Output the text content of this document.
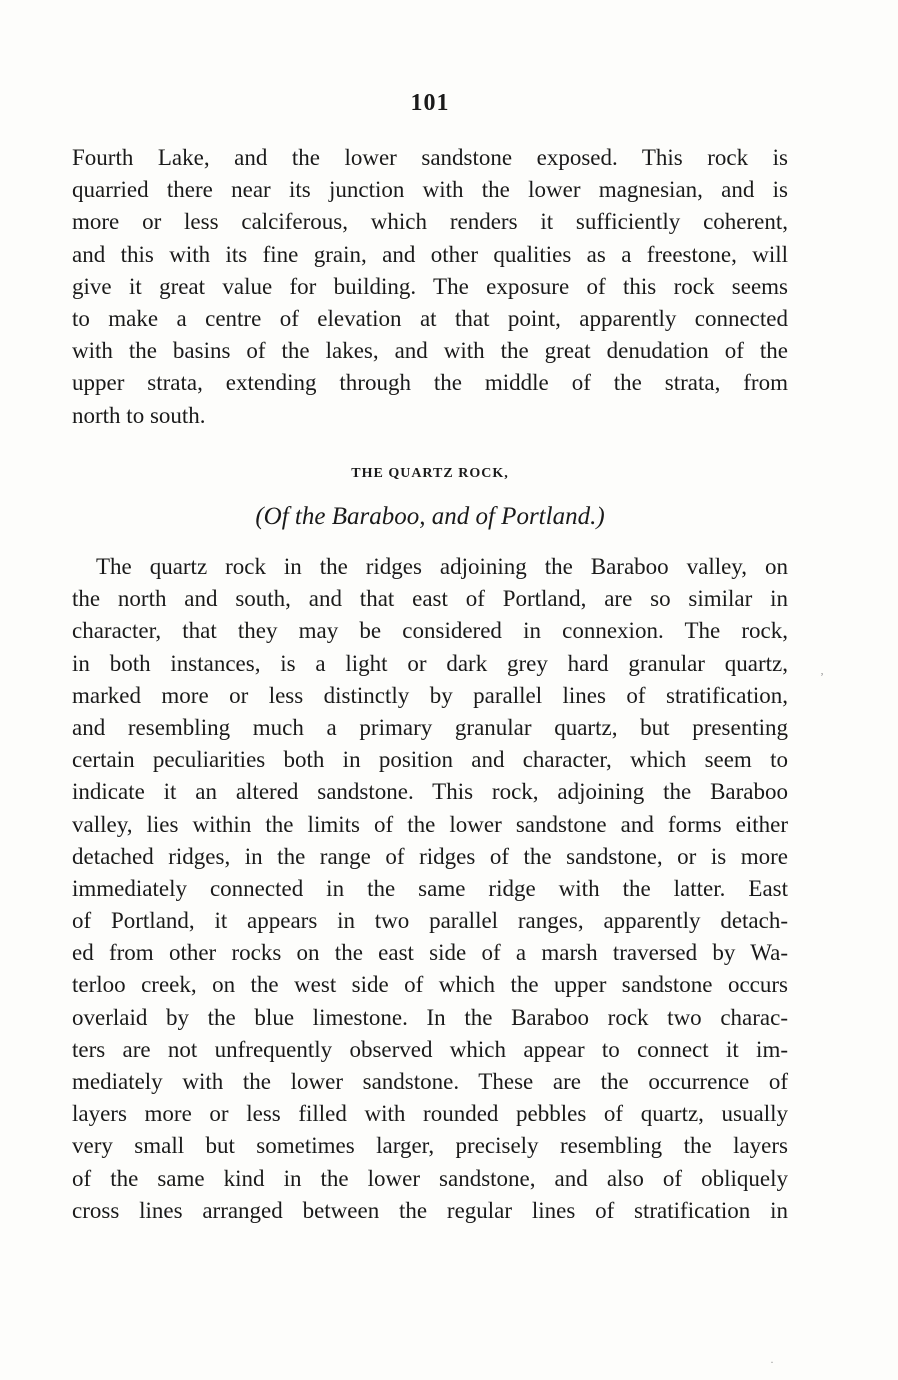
101
Fourth Lake, and the lower sandstone exposed. This rock is
quarried there near its junction with the lower magnesian, and is
more or less calciferous, which renders it sufficiently coherent,
and this with its fine grain, and other qualities as a freestone, will
give it great value for building. The exposure of this rock seems
to make a centre of elevation at that point, apparently connected
with the basins of the lakes, and with the great denudation of the
upper strata, extending through the middle of the strata, from
north to south.
THE QUARTZ ROCK,
(Of the Baraboo, and of Portland.)
The quartz rock in the ridges adjoining the Baraboo valley, on
the north and south, and that east of Portland, are so similar in
character, that they may be considered in connexion. The rock,
in both instances, is a light or dark grey hard granular quartz,
marked more or less distinctly by parallel lines of stratification,
and resembling much a primary granular quartz, but presenting
certain peculiarities both in position and character, which seem to
indicate it an altered sandstone. This rock, adjoining the Baraboo
valley, lies within the limits of the lower sandstone and forms either
detached ridges, in the range of ridges of the sandstone, or is more
immediately connected in the same ridge with the latter. East
of Portland, it appears in two parallel ranges, apparently detach-
ed from other rocks on the east side of a marsh traversed by Wa-
terloo creek, on the west side of which the upper sandstone occurs
overlaid by the blue limestone. In the Baraboo rock two charac-
ters are not unfrequently observed which appear to connect it im-
mediately with the lower sandstone. These are the occurrence of
layers more or less filled with rounded pebbles of quartz, usually
very small but sometimes larger, precisely resembling the layers
of the same kind in the lower sandstone, and also of obliquely
cross lines arranged between the regular lines of stratification in
ʼ
·
